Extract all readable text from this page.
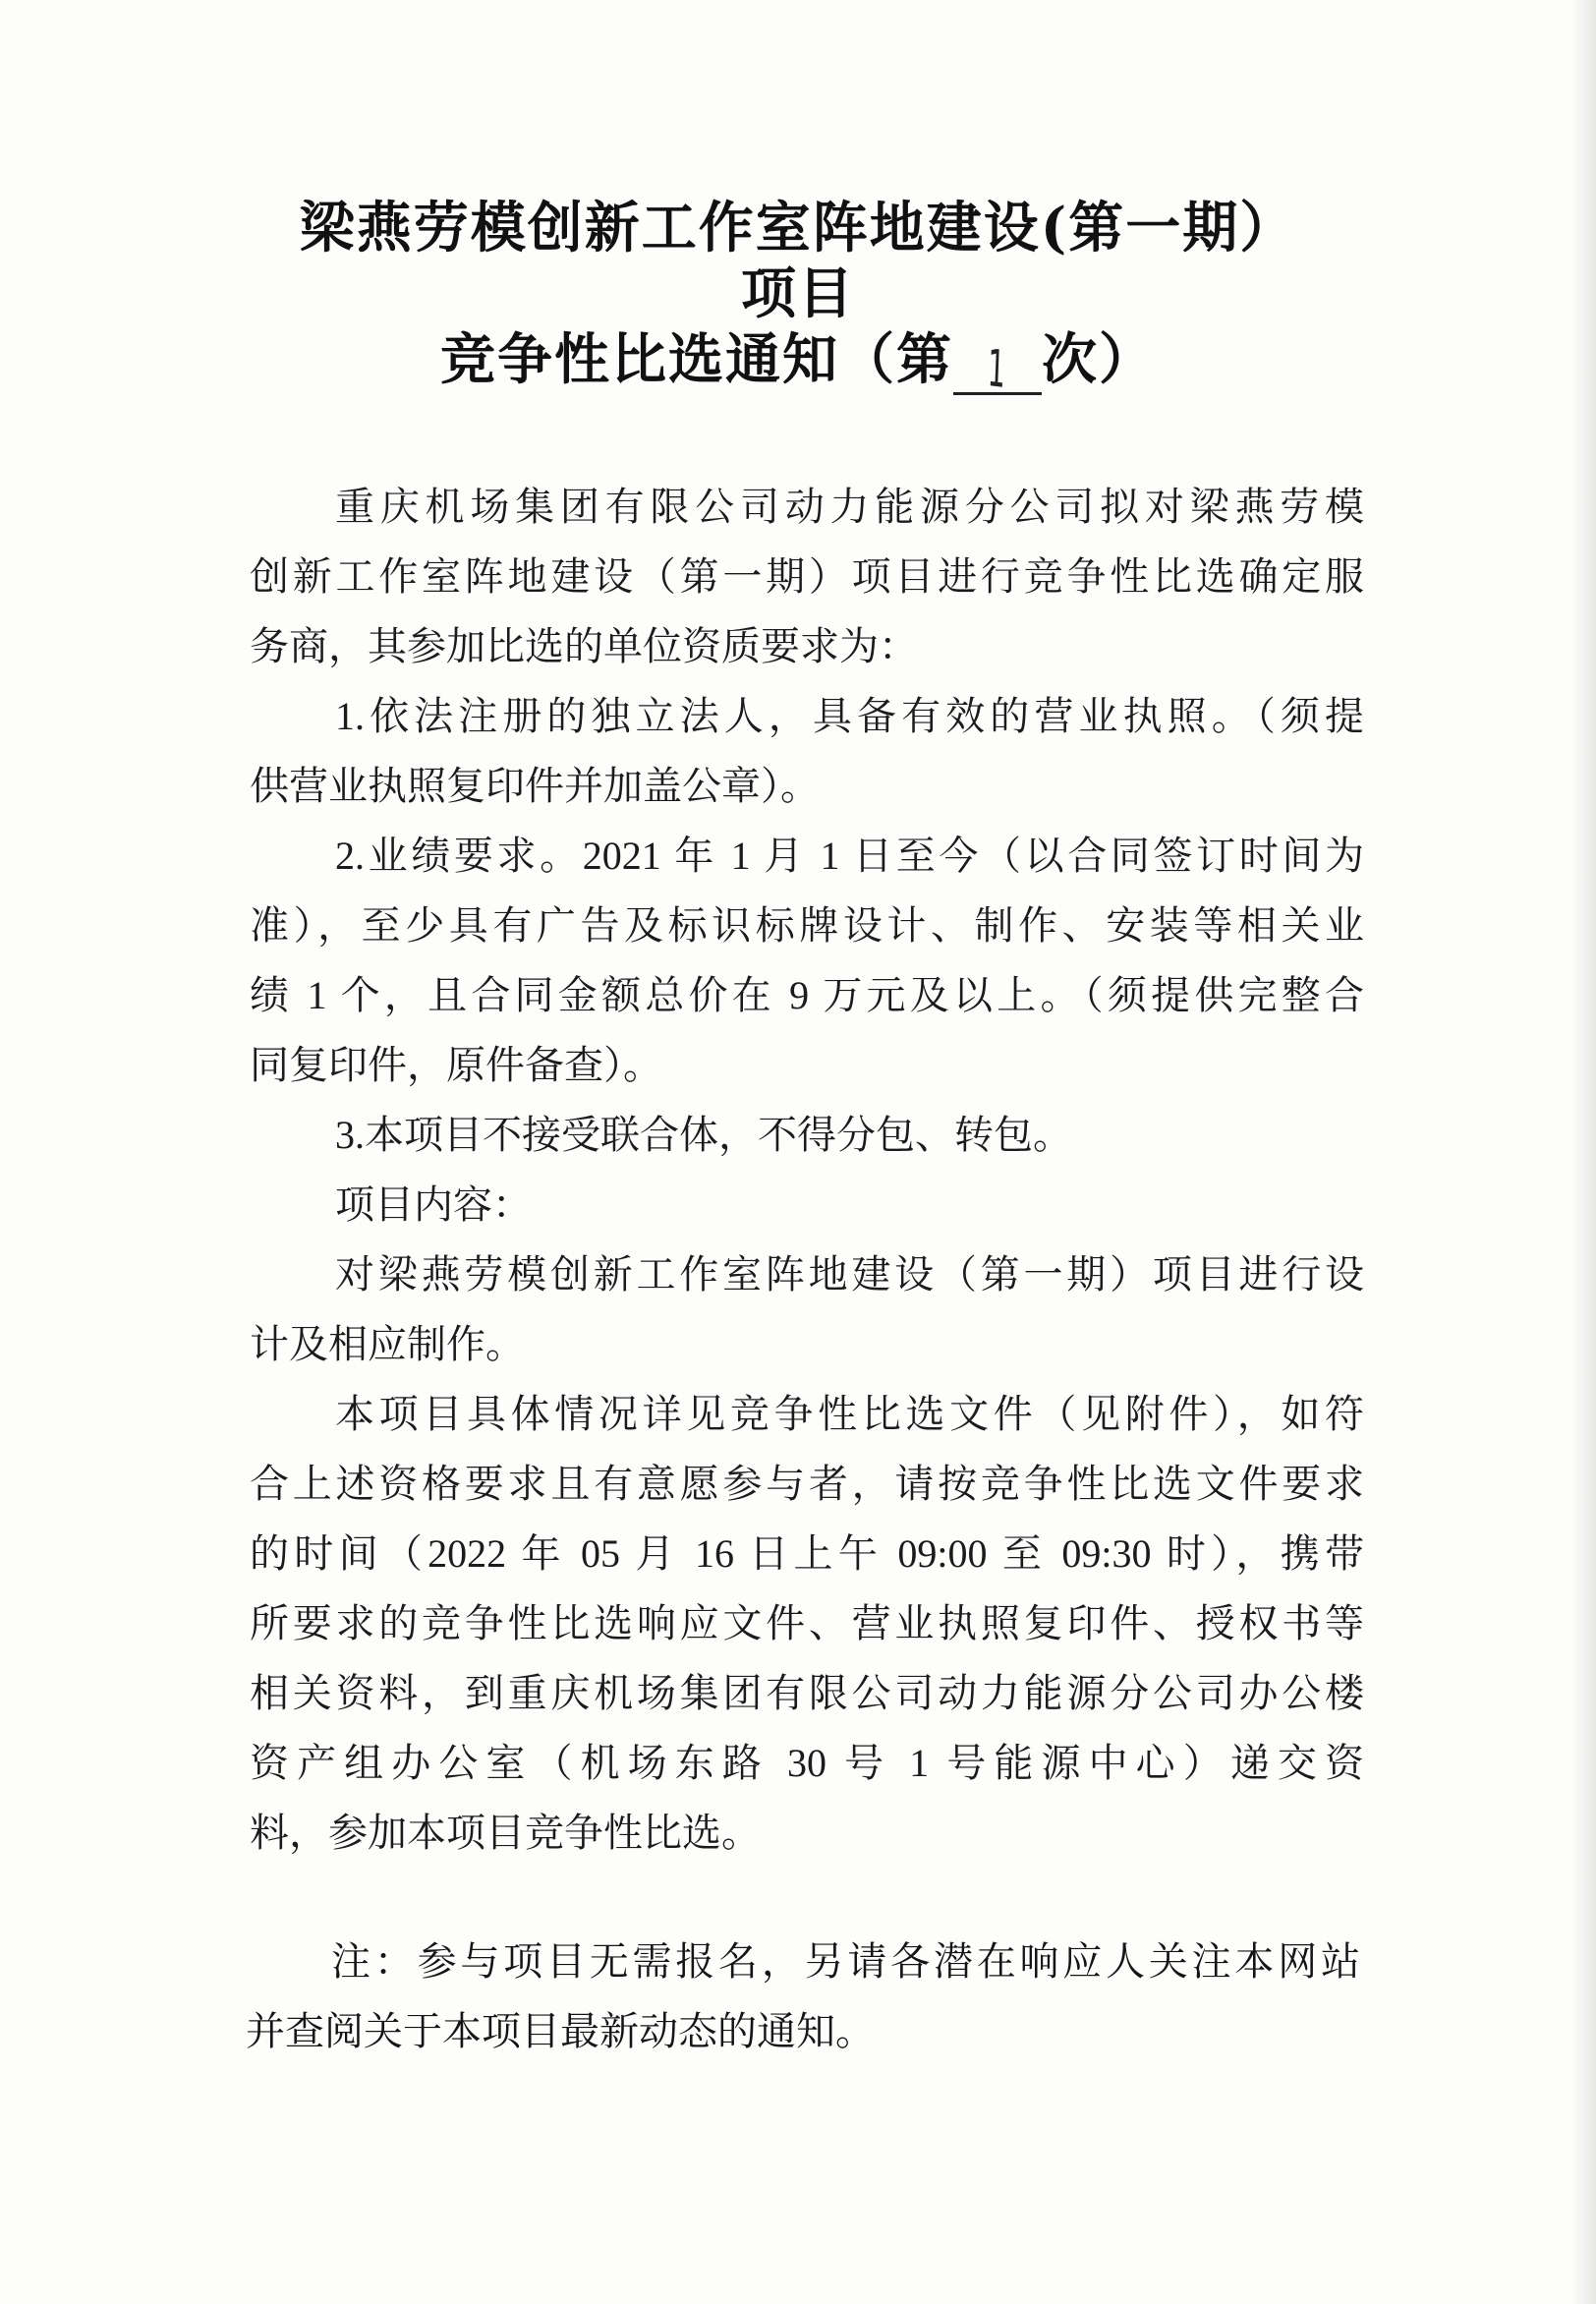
梁燕劳模创新工作室阵地建设(第一期）
项目
竞争性比选通知（第 1 次）
重庆机场集团有限公司动力能源分公司拟对梁燕劳模
创新工作室阵地建设（第一期）项目进行竞争性比选确定服
务商，其参加比选的单位资质要求为：
1.依法注册的独立法人，具备有效的营业执照。（须提
供营业执照复印件并加盖公章）。
2.业绩要求。2021 年 1 月 1 日至今（以合同签订时间为
准），至少具有广告及标识标牌设计、制作、安装等相关业
绩 1 个，且合同金额总价在 9 万元及以上。（须提供完整合
同复印件，原件备查）。
3.本项目不接受联合体，不得分包、转包。
项目内容：
对梁燕劳模创新工作室阵地建设（第一期）项目进行设
计及相应制作。
本项目具体情况详见竞争性比选文件（见附件），如符
合上述资格要求且有意愿参与者，请按竞争性比选文件要求
的时间（2022 年 05 月 16 日上午 09:00 至 09:30 时），携带
所要求的竞争性比选响应文件、营业执照复印件、授权书等
相关资料，到重庆机场集团有限公司动力能源分公司办公楼
资产组办公室（机场东路 30 号 1 号能源中心）递交资
料，参加本项目竞争性比选。
注：参与项目无需报名，另请各潜在响应人关注本网站
并查阅关于本项目最新动态的通知。
